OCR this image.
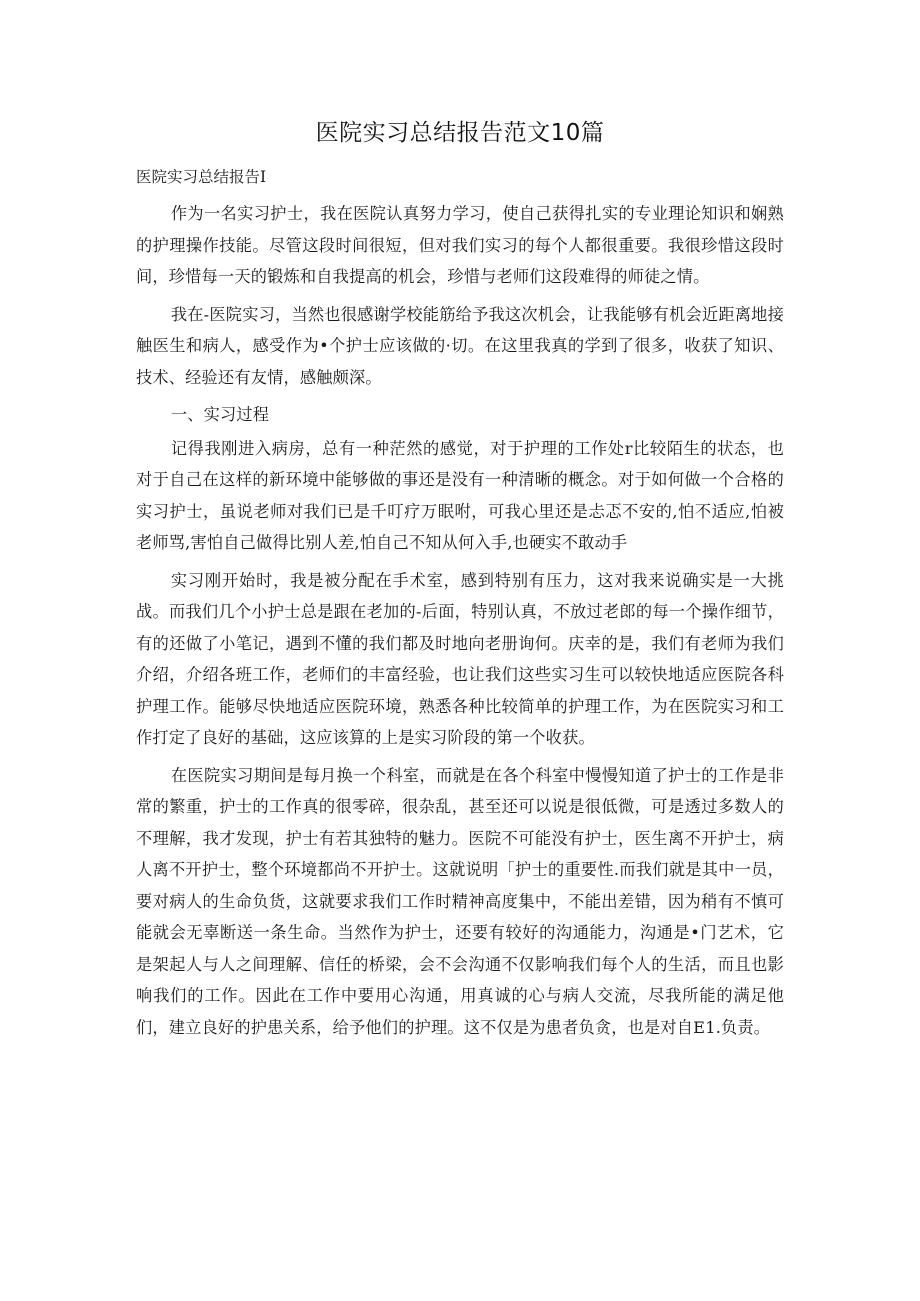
医院实习总结报告范文10篇

医院实习总结报告I

作为一名实习护士，我在医院认真努力学习，使自己获得扎实的专业理论知识和娴熟的护理操作技能。尽管这段时间很短，但对我们实习的每个人都很重要。我很珍惜这段时间，珍惜每一天的锻炼和自我提高的机会，珍惜与老师们这段难得的师徒之情。

我在-医院实习，当然也很感谢学校能筋给予我这次机会，让我能够有机会近距离地接触医生和病人，感受作为•个护士应该做的·切。在这里我真的学到了很多，收获了知识、技术、经验还有友情，感触颇深。

一、实习过程

记得我刚进入病房，总有一种茫然的感觉，对于护理的工作处r比较陌生的状态，也对于自己在这样的新环境中能够做的事还是没有一种清晰的概念。对于如何做一个合格的实习护士，虽说老师对我们已是千叮疗万眠咐，可我心里还是忐忑不安的,怕不适应,怕被老师骂,害怕自己做得比别人差,怕自己不知从何入手,也硬实不敢动手

实习刚开始时，我是被分配在手术室，感到特别有压力，这对我来说确实是一大挑战。而我们几个小护士总是跟在老加的-后面，特别认真，不放过老郎的每一个操作细节，有的还做了小笔记，遇到不懂的我们都及时地向老册询何。庆幸的是，我们有老师为我们介绍，介绍各班工作，老师们的丰富经验，也让我们这些实习生可以较快地适应医院各科护理工作。能够尽快地适应医院环境，熟悉各种比较简单的护理工作，为在医院实习和工作打定了良好的基础，这应该算的上是实习阶段的第一个收获。

在医院实习期间是每月换一个科室，而就是在各个科室中慢慢知道了护士的工作是非常的繁重，护士的工作真的很零碎，很杂乱，甚至还可以说是很低微，可是透过多数人的不理解，我才发现，护士有若其独特的魅力。医院不可能没有护士，医生离不开护士，病人离不开护士，整个环境都尚不开护士。这就说明「护士的重要性.而我们就是其中一员，要对病人的生命负货，这就要求我们工作时精神高度集中，不能出差错，因为稍有不慎可能就会无辜断送一条生命。当然作为护士，还要有较好的沟通能力，沟通是•门艺术，它是架起人与人之间理解、信任的桥梁，会不会沟通不仅影响我们每个人的生活，而且也影响我们的工作。因此在工作中要用心沟通，用真诚的心与病人交流，尽我所能的满足他们，建立良好的护患关系，给予他们的护理。这不仅是为患者负贪，也是对自E1.负责。
